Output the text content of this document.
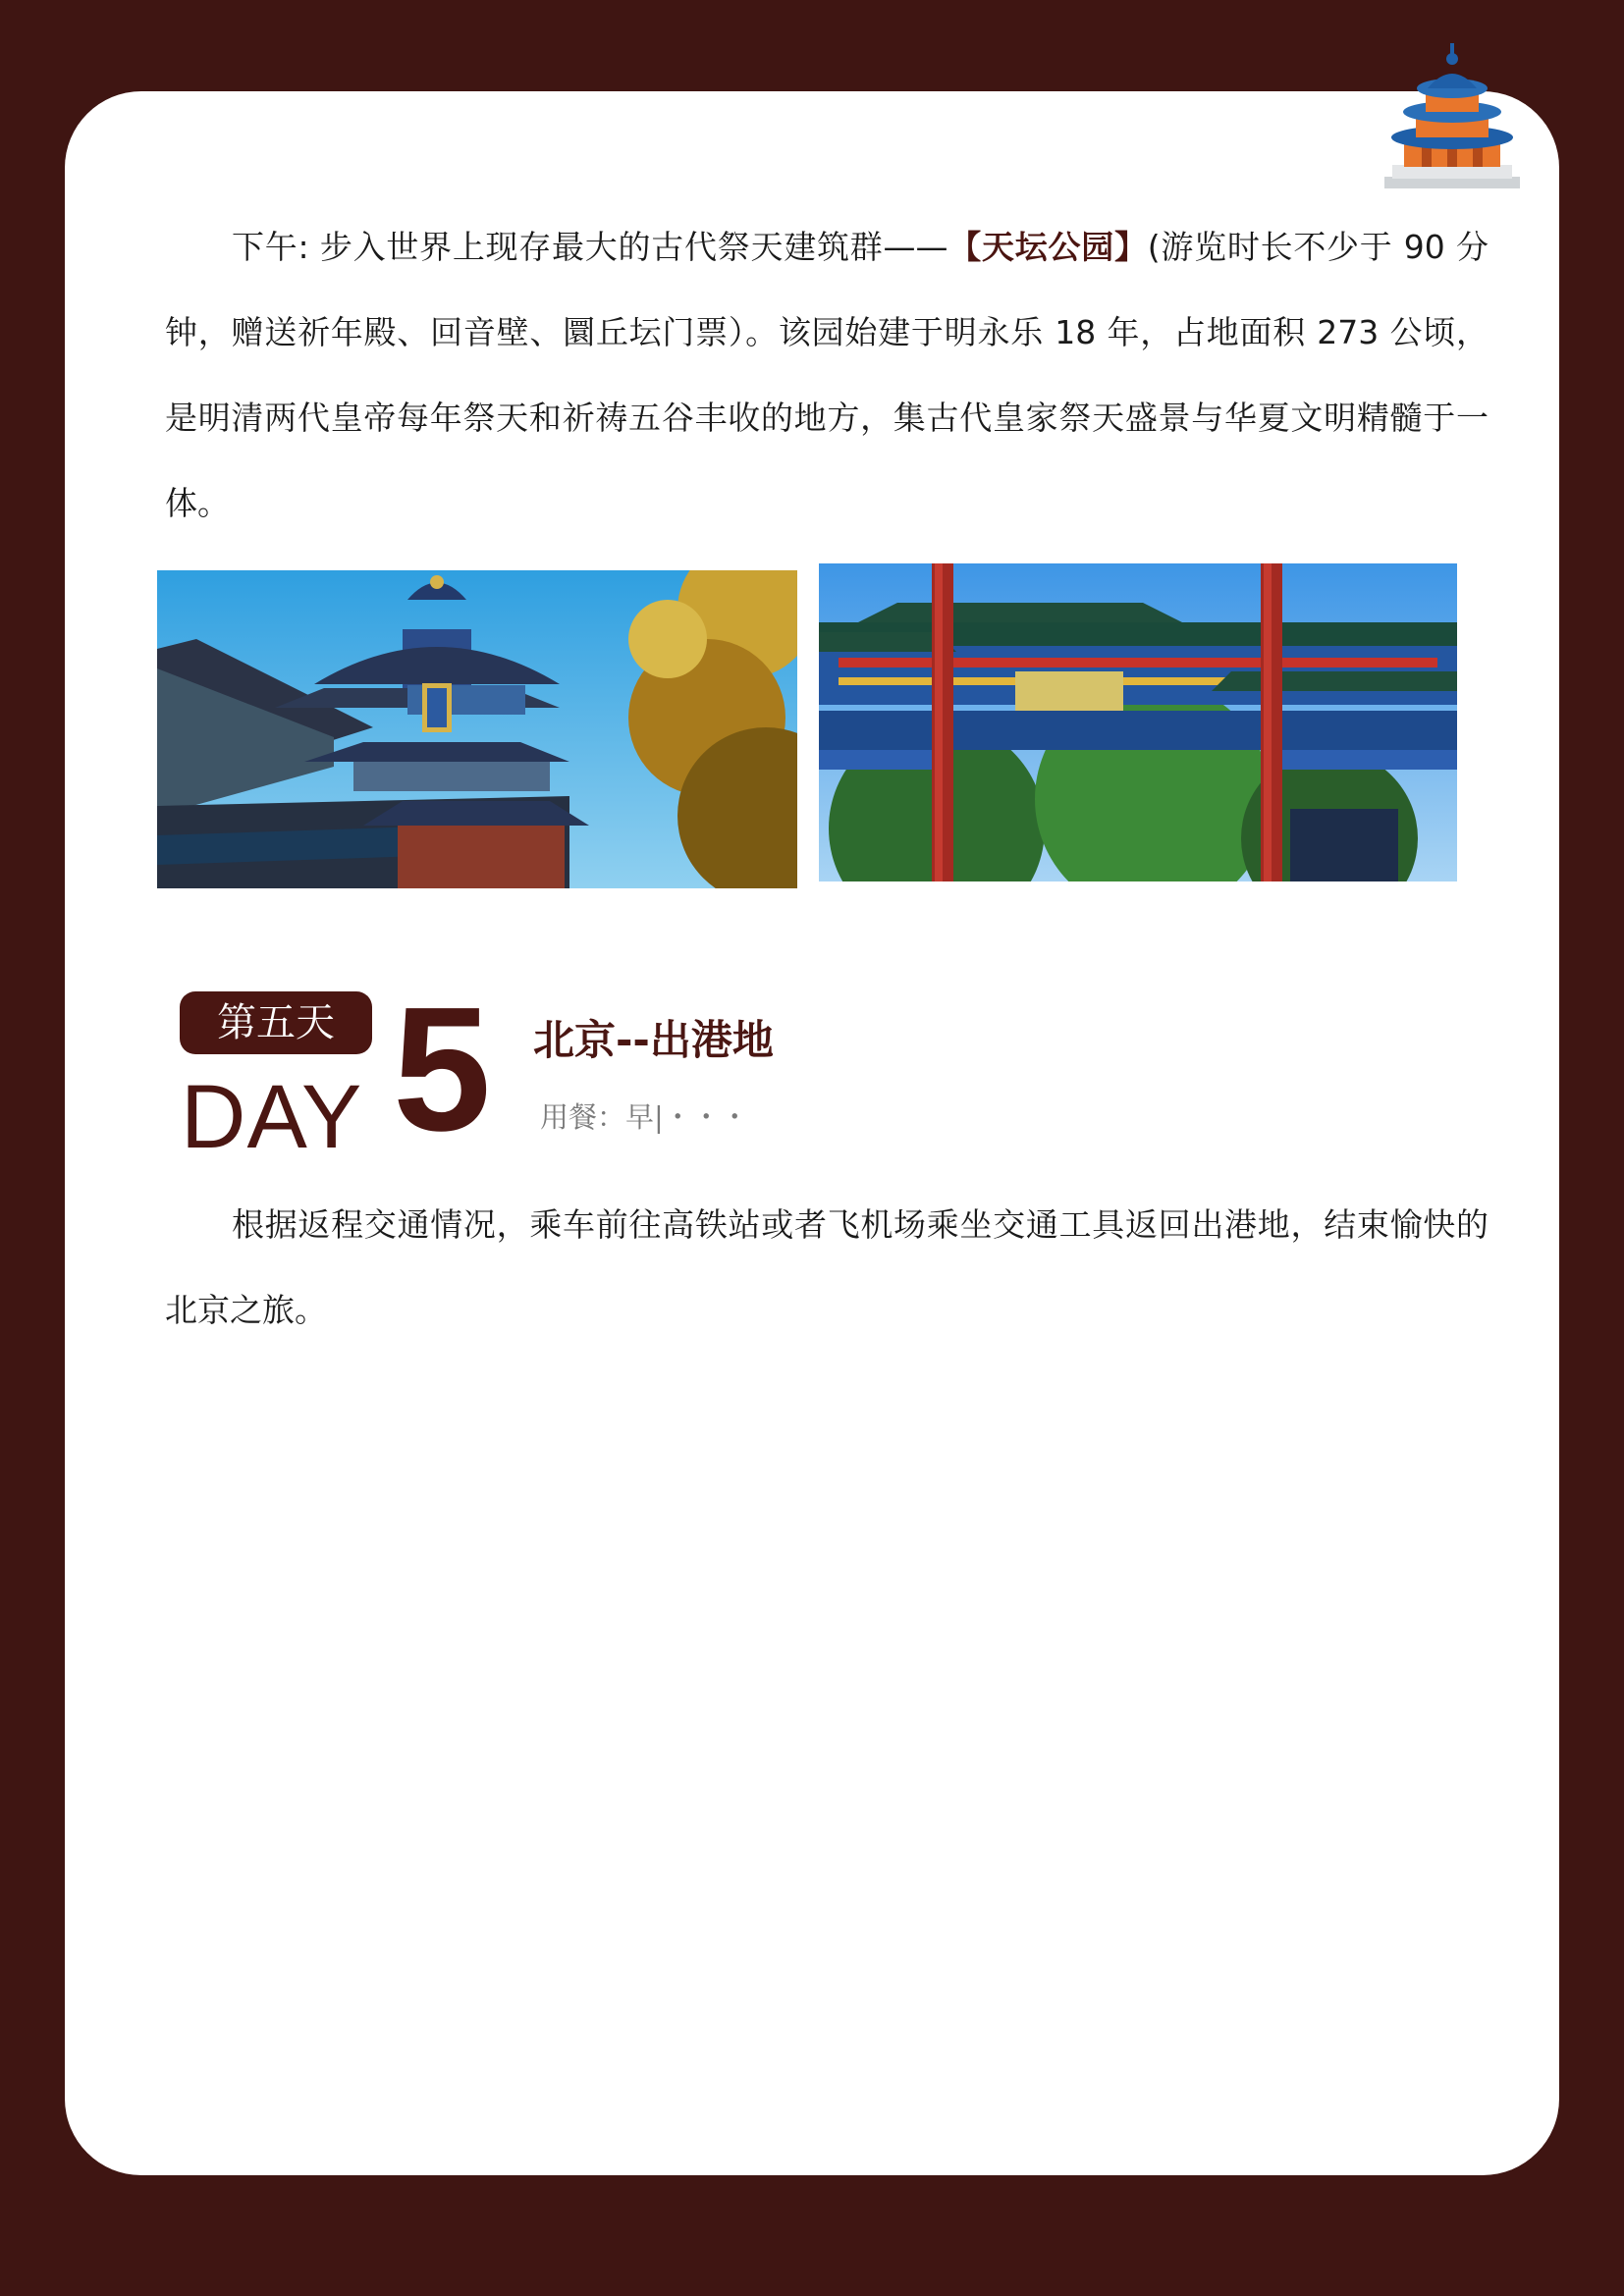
下午: 步入世界上现存最大的古代祭天建筑群——【天坛公园】(游览时长不少于 90 分钟，赠送祈年殿、回音壁、圜丘坛门票）。该园始建于明永乐 18 年，占地面积 273 公顷，是明清两代皇帝每年祭天和祈祷五谷丰收的地方，集古代皇家祭天盛景与华夏文明精髓于一体。

第五天
DAY 5 北京--出港地
用餐：早|・・・

根据返程交通情况，乘车前往高铁站或者飞机场乘坐交通工具返回出港地，结束愉快的北京之旅。
